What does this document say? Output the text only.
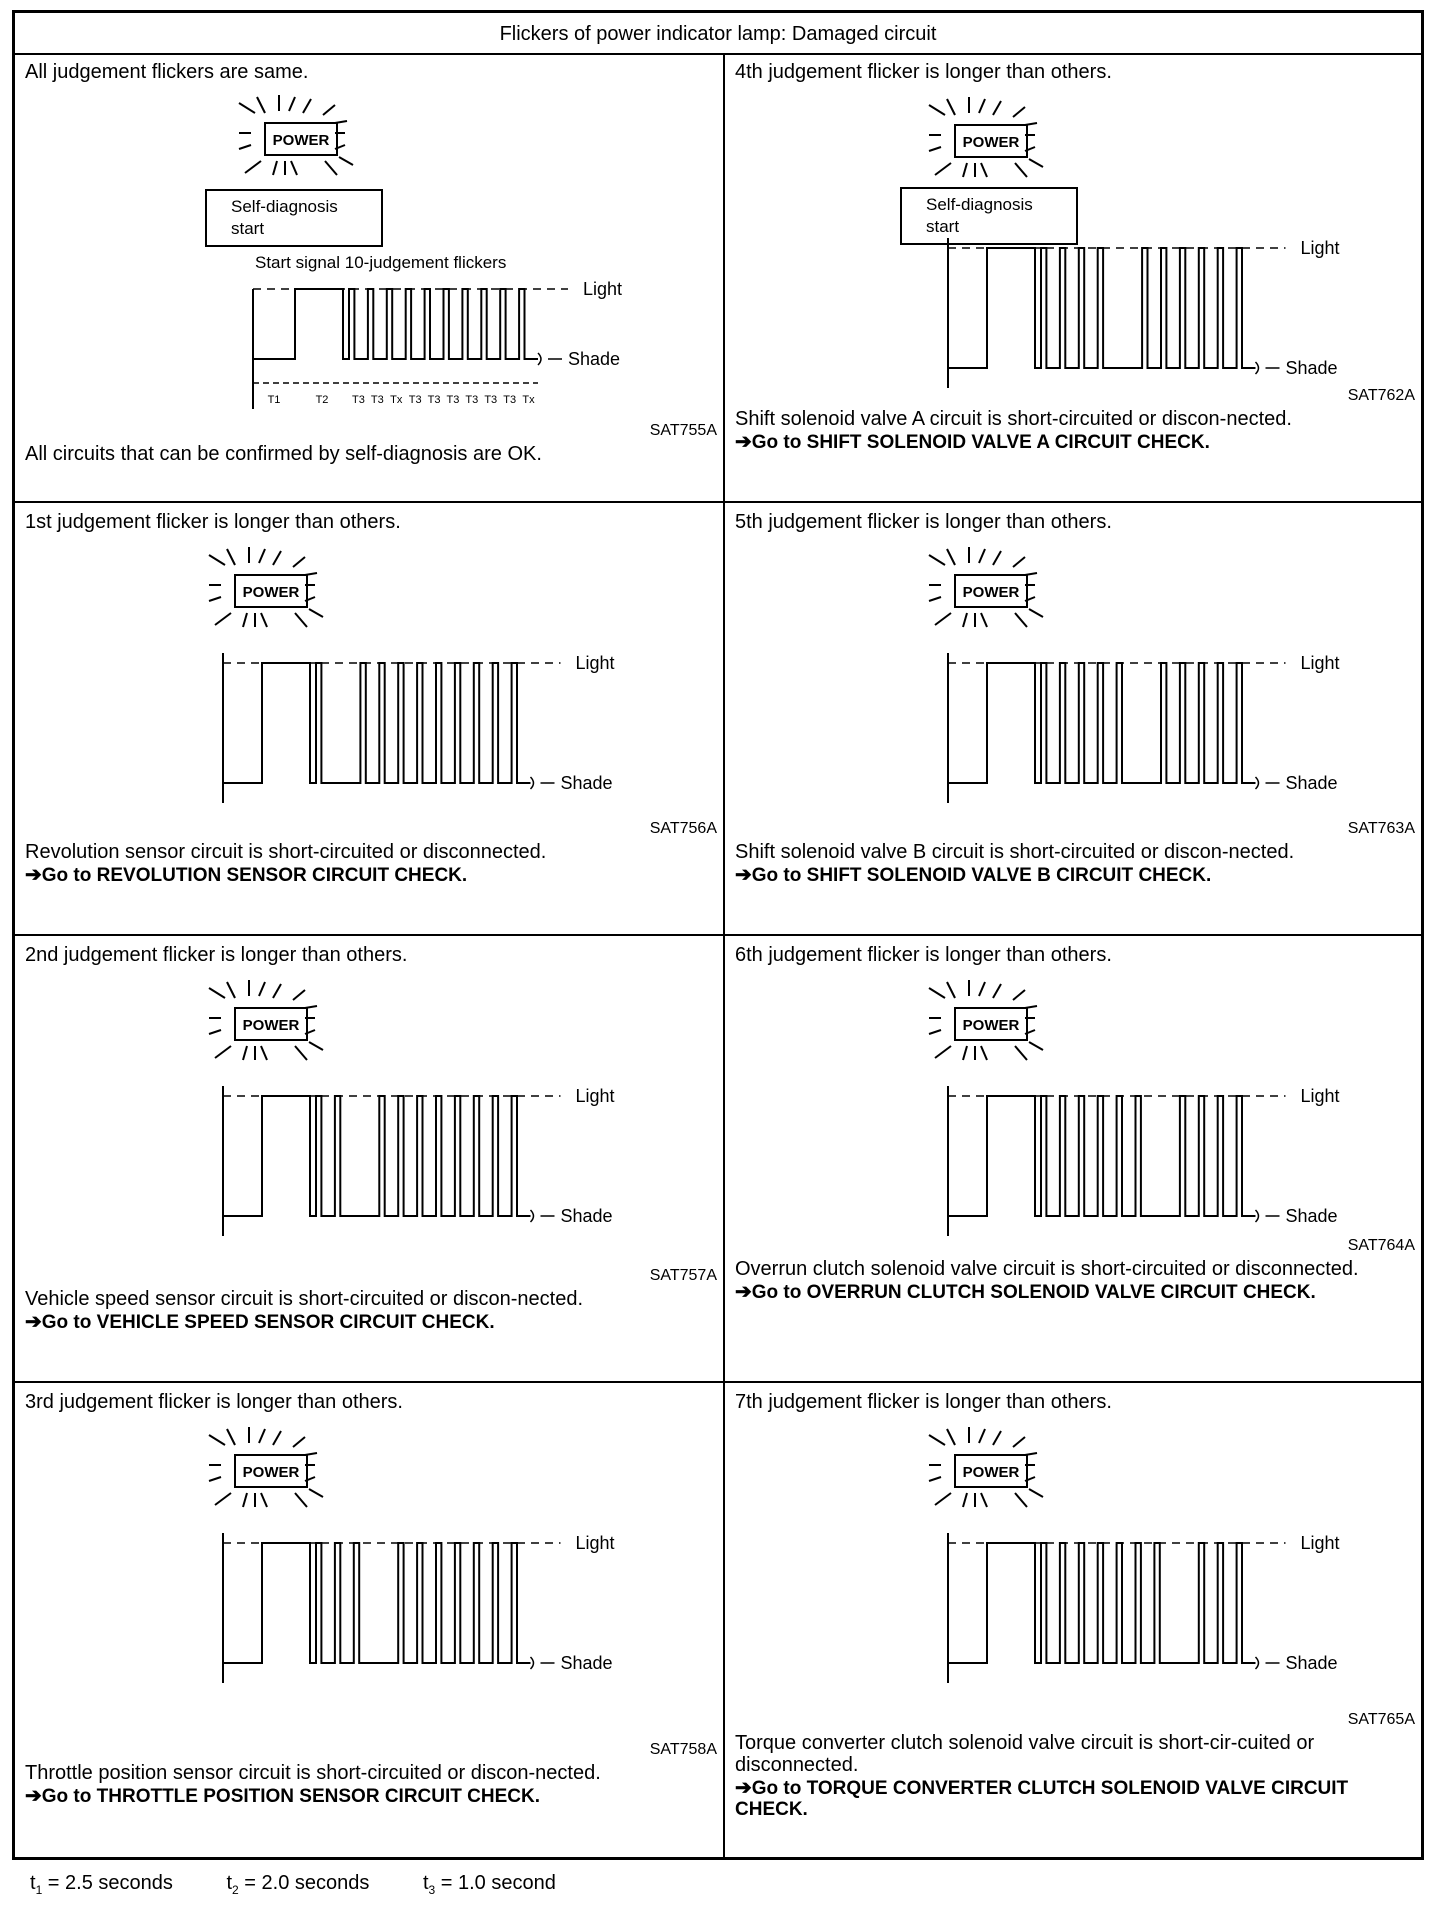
Flickers of power indicator lamp: Damaged circuit
All judgement flickers are same.
POWER
Self-diagnosis
start
Start signal 10-judgement flickers
Light
Shade
T1	T2 T3 T3 Tx T3 T3 T3 T3 T3 T3 Tx
SAT755A
All circuits that can be confirmed by self-diagnosis are OK.
4th judgement flicker is longer than others.
POWER
Self-diagnosis
start
Light
Shade
SAT762A
Shift solenoid valve A circuit is short-circuited or discon-nected.
➔Go to SHIFT SOLENOID VALVE A CIRCUIT CHECK.
1st judgement flicker is longer than others.
POWER
Light
Shade
SAT756A
Revolution sensor circuit is short-circuited or disconnected.
➔Go to REVOLUTION SENSOR CIRCUIT CHECK.
5th judgement flicker is longer than others.
POWER
Light
Shade
SAT763A
Shift solenoid valve B circuit is short-circuited or discon-nected.
➔Go to SHIFT SOLENOID VALVE B CIRCUIT CHECK.
2nd judgement flicker is longer than others.
POWER
Light
Shade
SAT757A
Vehicle speed sensor circuit is short-circuited or discon-nected.
➔Go to VEHICLE SPEED SENSOR CIRCUIT CHECK.
6th judgement flicker is longer than others.
POWER
Light
Shade
SAT764A
Overrun clutch solenoid valve circuit is short-circuited or disconnected.
➔Go to OVERRUN CLUTCH SOLENOID VALVE CIRCUIT CHECK.
3rd judgement flicker is longer than others.
POWER
Light
Shade
SAT758A
Throttle position sensor circuit is short-circuited or discon-nected.
➔Go to THROTTLE POSITION SENSOR CIRCUIT CHECK.
7th judgement flicker is longer than others.
POWER
Light
Shade
SAT765A
Torque converter clutch solenoid valve circuit is short-cir-cuited or disconnected.
➔Go to TORQUE CONVERTER CLUTCH SOLENOID VALVE CIRCUIT CHECK.
$t_1 = 2.5$ seconds	$t_2 = 2.0$ seconds	$t_3 = 1.0$ second
